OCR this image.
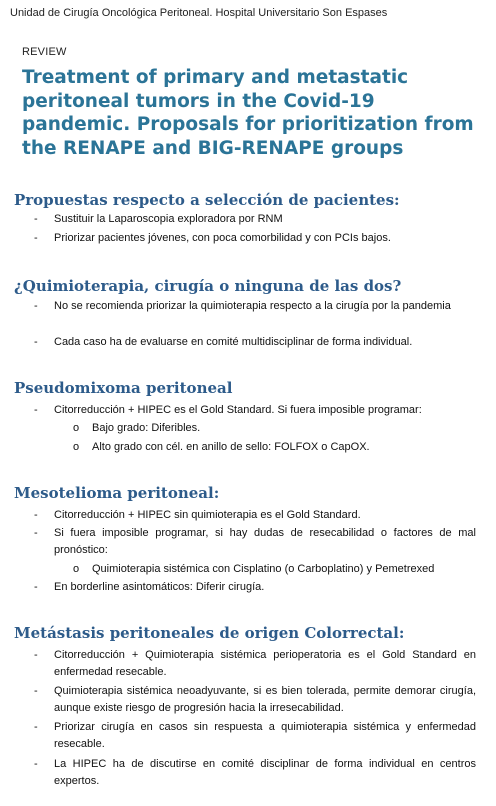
Unidad de Cirugía Oncológica Peritoneal. Hospital Universitario Son Espases
REVIEW
Treatment of primary and metastatic
peritoneal tumors in the Covid-19
pandemic. Proposals for prioritization from
the RENAPE and BIG-RENAPE groups
Propuestas respecto a selección de pacientes:
- Sustituir la Laparoscopia exploradora por RNM
- Priorizar pacientes jóvenes, con poca comorbilidad y con PCIs bajos.
¿Quimioterapia, cirugía o ninguna de las dos?
- No se recomienda priorizar la quimioterapia respecto a la cirugía por la pandemia
- Cada caso ha de evaluarse en comité multidisciplinar de forma individual.
Pseudomixoma peritoneal
- Citorreducción + HIPEC es el Gold Standard. Si fuera imposible programar:
o Bajo grado: Diferibles.
o Alto grado con cél. en anillo de sello: FOLFOX o CapOX.
Mesotelioma peritoneal:
- Citorreducción + HIPEC sin quimioterapia es el Gold Standard.
- Si fuera imposible programar, si hay dudas de resecabilidad o factores de mal pronóstico:
o Quimioterapia sistémica con Cisplatino (o Carboplatino) y Pemetrexed
- En borderline asintomáticos: Diferir cirugía.
Metástasis peritoneales de origen Colorrectal:
- Citorreducción + Quimioterapia sistémica perioperatoria es el Gold Standard en enfermedad resecable.
- Quimioterapia sistémica neoadyuvante, si es bien tolerada, permite demorar cirugía, aunque existe riesgo de progresión hacia la irresecabilidad.
- Priorizar cirugía en casos sin respuesta a quimioterapia sistémica y enfermedad resecable.
- La HIPEC ha de discutirse en comité disciplinar de forma individual en centros expertos.
